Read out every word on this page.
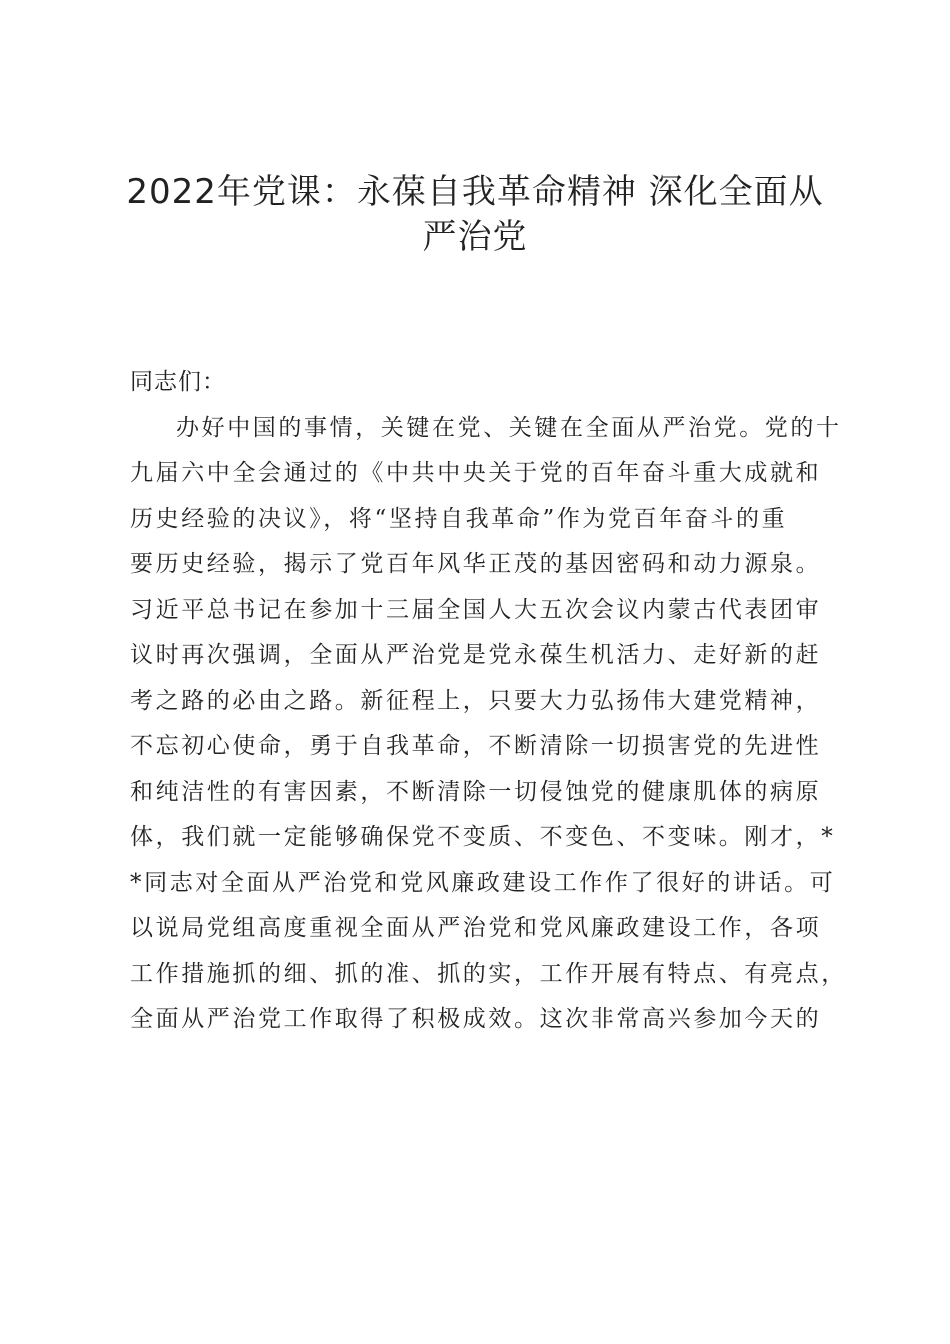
2022年党课：永葆自我革命精神 深化全面从
严治党
同志们：
办好中国的事情，关键在党、关键在全面从严治党。党的十
九届六中全会通过的《中共中央关于党的百年奋斗重大成就和
历史经验的决议》，将“坚持自我革命”作为党百年奋斗的重
要历史经验，揭示了党百年风华正茂的基因密码和动力源泉。
习近平总书记在参加十三届全国人大五次会议内蒙古代表团审
议时再次强调，全面从严治党是党永葆生机活力、走好新的赶
考之路的必由之路。新征程上，只要大力弘扬伟大建党精神，
不忘初心使命，勇于自我革命，不断清除一切损害党的先进性
和纯洁性的有害因素，不断清除一切侵蚀党的健康肌体的病原
体，我们就一定能够确保党不变质、不变色、不变味。刚才，*
*同志对全面从严治党和党风廉政建设工作作了很好的讲话。可
以说局党组高度重视全面从严治党和党风廉政建设工作，各项
工作措施抓的细、抓的准、抓的实，工作开展有特点、有亮点，
全面从严治党工作取得了积极成效。这次非常高兴参加今天的
